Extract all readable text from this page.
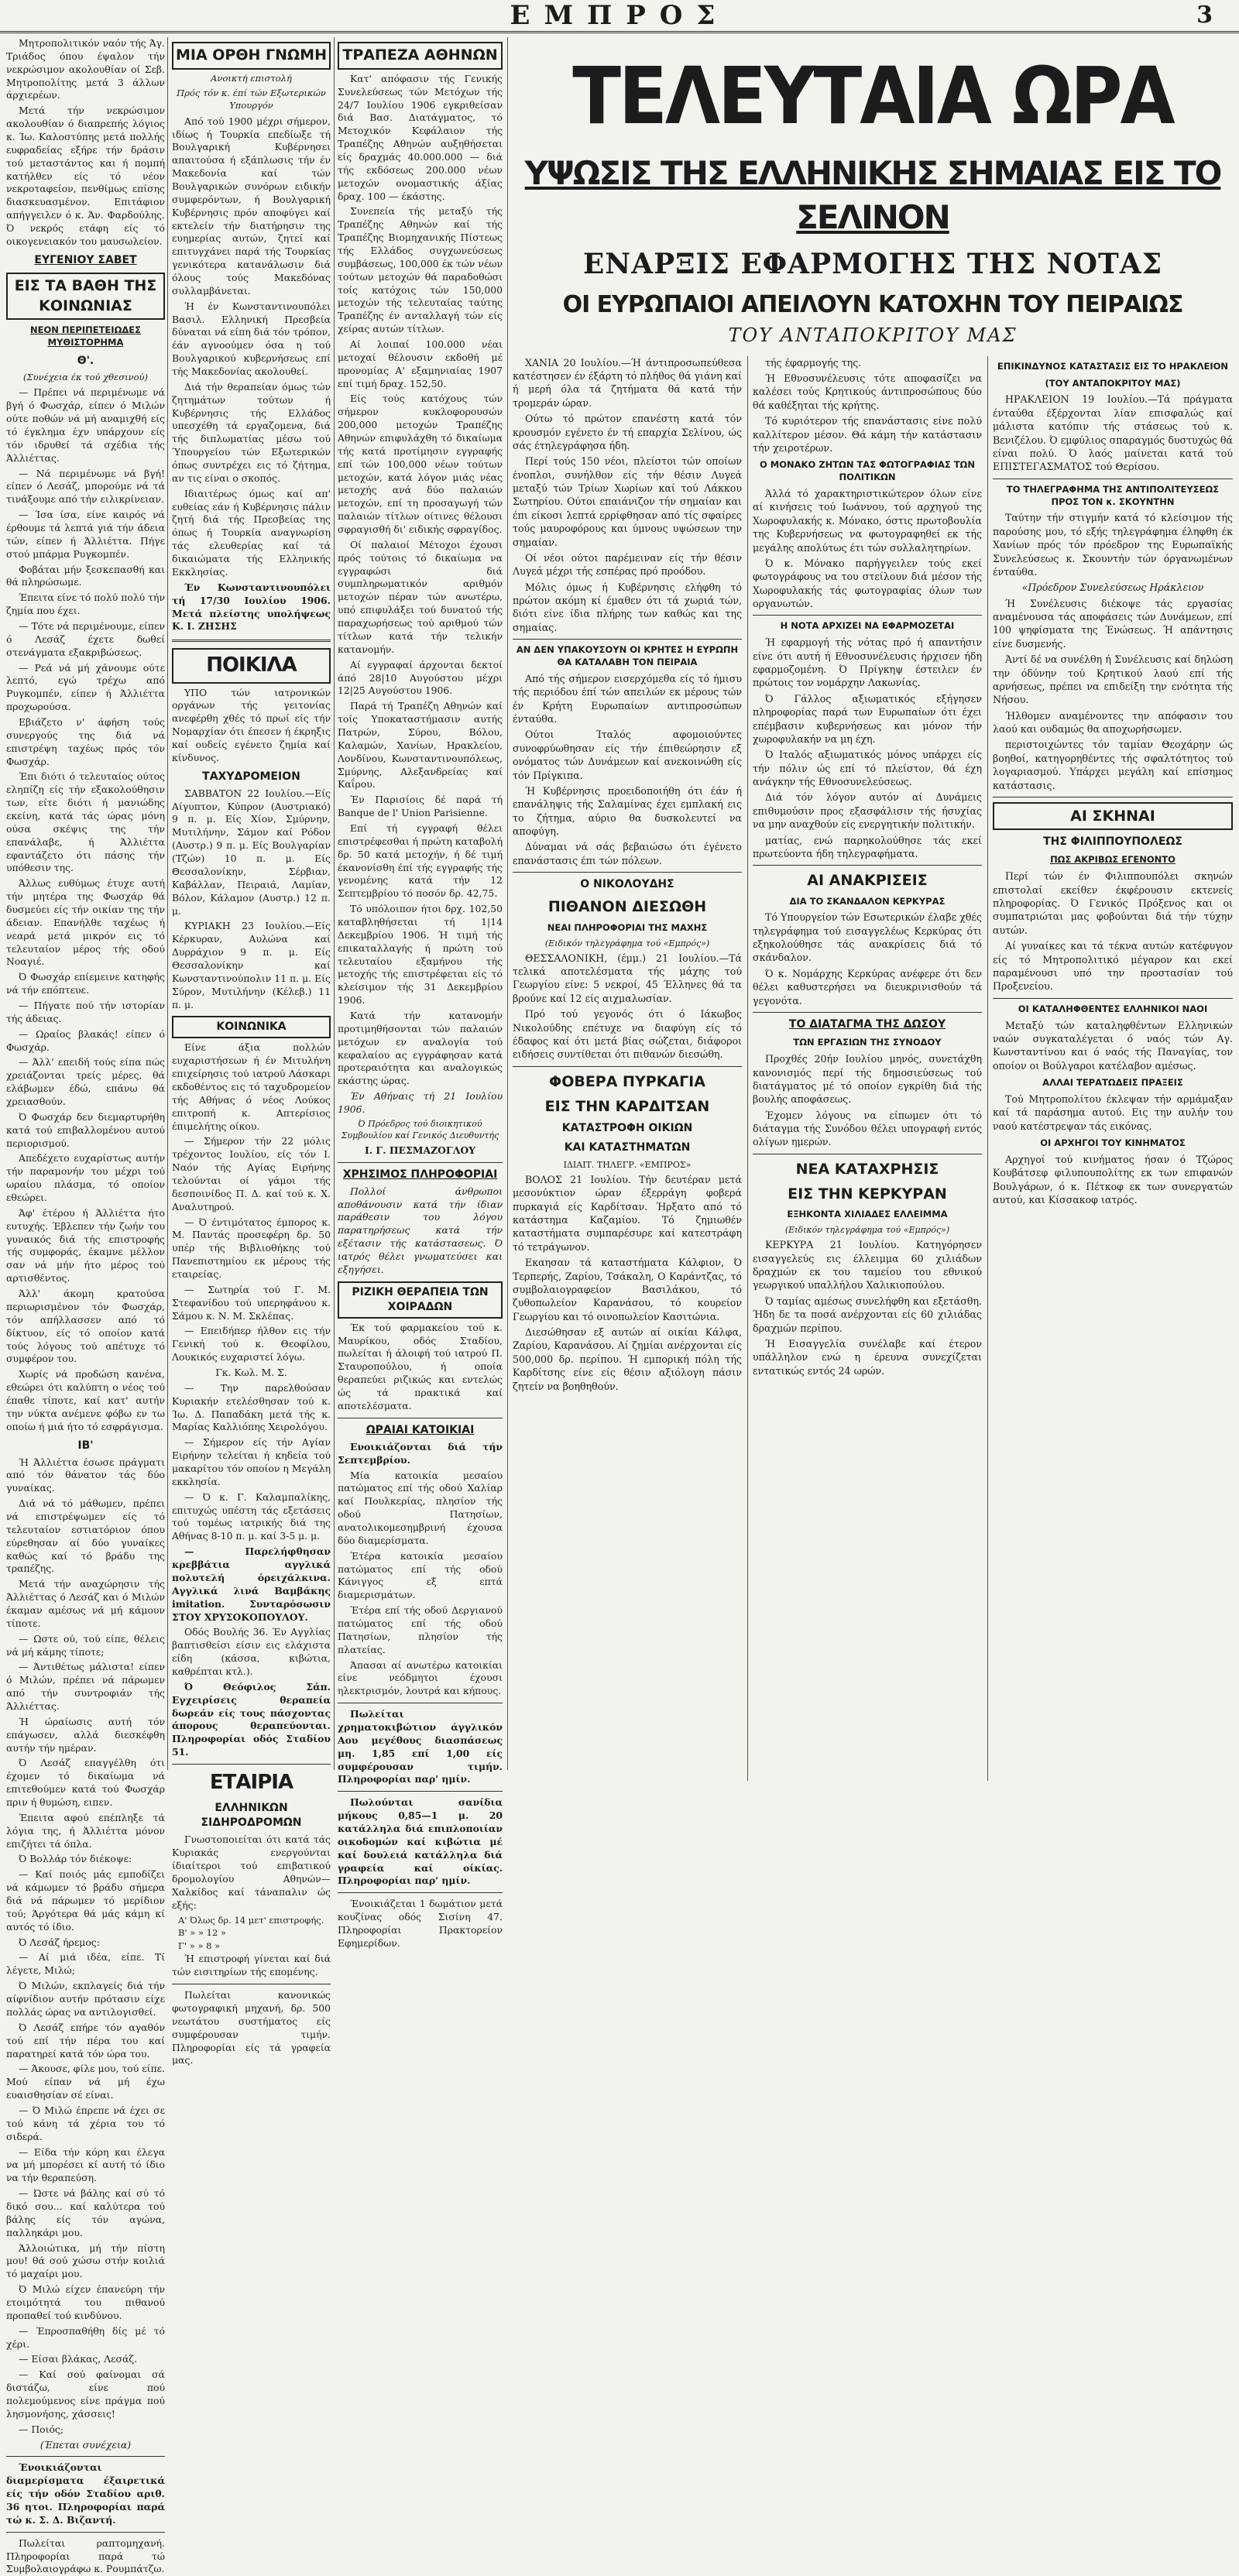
ΕΜΠΡΟΣ	3

Μητροπολιτικόν ναόν τής Άγ. Τριάδος όπου έψαλον τήν νεκρώσιμον ακολουθίαν οί Σεβ. Μητροπολίτης μετά 3 άλλων άρχιερέων.

Μετά τήν νεκρώσιμον ακολουθίαν ό διαπρεπής λόγιος κ. Ίω. Καλοστύπης μετά πολλής ευφραδείας εξήρε τήν δράσιν τού μεταστάντος και ή πομπή κατήλθεν είς τό νέον νεκροταφείον, πενθίμως επίσης διασκευασμένον. Επιτάφιον απήγγειλεν ό κ. Άν. Φαρδούλης. Ό νεκρός ετάφη είς τό οικογενειακόν του μαυσωλείον.

ΕΥΓΕΝΙΟΥ ΣΑΒΕΤ
ΕΙΣ ΤΑ ΒΑΘΗ ΤΗΣ ΚΟΙΝΩΝΙΑΣ
ΝΕΟΝ ΠΕΡΙΠΕΤΕΙΩΔΕΣ ΜΥΘΙΣΤΟΡΗΜΑ
Θ'.
(Συνέχεια έκ τού χθεσινού)

— Πρέπει νά περιμένωμε νά βγή ό Φωσχάρ, είπεν ό Μιλών ούτε ποθών νά μή αναμιχθή είς τό έγκλημα έχν υπάρχουν είς τόν ιδρυθεί τά σχέδια τής Άλλιέττας.

— Νά περιμένωμε νά βγή! είπεν ό Λεσάζ, μπορούμε νά τά τινάξουμε από τήν ειλικρίνειαν.

— Ίσα ίσα, είνε καιρός νά έρθουμε τά λεπτά γιά τήν άδεια τών, είπεν ή Άλλιέττα. Πήγε στού μπάρμα Ρυγκομπέν.

Φοβάται μήν ξεσκεπασθή και θά πληρώσωμε.

Έπειτα είνε τό πολύ πολύ τήν ζημία που έχει.

— Τότε νά περιμένουμε, είπεν ό Λεσάζ έχετε δωθεί στενάγματα εξακριβώσεως.

— Ρεά νά μή χάνουμε ούτε λεπτό, εγώ τρέχω από Ρυγκομπέν, είπεν ή Άλλιέττα προχωρούσα.

Εβιάζετο ν' άφήση τούς συνεργούς της διά νά επιστρέψη ταχέως πρός τόν Φωσχάρ.

Έπι διότι ό τελευταίος ούτος εληπίζη είς τήν εξακολούθησιν των, είτε διότι ή μανιώδης εκείνη, κατά τάς ώρας μόνη ούσα σκέψις της τήν επανάλαβε, ή Άλλιέττα εφαντάζετο ότι πάσης τήν υπόθεσιν της.

Άλλως ευθύμως έτυχε αυτή τήν μητέρα της Φωσχάρ θά δυσμεύει είς τήν οικίαν της τήν άδειαν. Επανήλθε ταχέως ή νεαρά μετά μικρόν εις τό τελευταίον μέρος τής οδού Νοαγιέ.

Ό Φωσχάρ επίεμεινε κατηφής νά τήν επόπτευε.

— Πήγατε πού τήν ιστορίαν τής άδειας.

— Ωραίος βλακάς! είπεν ό Φωσχάρ.

— Άλλ' επειδή τούς είπα πώς χρειάζονται τρείς μέρες, θά ελάβωμεν έδώ, επάνω θά χρειασθούν.

Ό Φωσχάρ δεν διεμαρτυρήθη κατά τού επιβαλλομένου αυτού περιορισμού.

Απεδέχετο ευχαρίστως αυτήν τήν παραμονήν του μέχρι τού ωραίου πλάσμα, τό οποίον εθεώρει.

Άφ' έτέρου ή Άλλιέττα ήτο ευτυχής. Έβλεπεν τήν ζωήν του γυναικός διά τής επιστροφής τής συμφοράς, έκαμνε μέλλον σαν νά μήν ήτο μέρος τού αρτισθέντος.

Άλλ' άκομη κρατούσα περιωρισμένον τόν Φωσχάρ, τόν απήλλασσεν από τό δίκτυον, είς τό οποίον κατά τούς λόγους τού απέτυχε τό συμφέρον του.

Χωρίς νά προδώση κανένα, εθεώρει ότι καλύπτη ο νέος τού έπαθε τίποτε, καί κατ' αυτήν την νύκτα ανέμενε φόβω εν τω οποίω ή μιά ήτο τό εσφράγισμα.

ΙΒ'

Ή Άλλιέττα έσωσε πράγματι από τόν θάνατον τάς δύο γυναίκας.

Διά νά τό μάθωμεν, πρέπει νά επιστρέψωμεν είς τό τελευταίον εστιατόριον όπου εύρεθησαν αί δύο γυναίκες καθώς καί τό βράδυ της τραπέζης.

Μετά τήν αναχώρησιν τής Άλλιέττας ό Λεσάζ και ό Μιλών έκαμαν αμέσως νά μή κάμουν τίποτε.

— Ωστε ού, τού είπε, θέλεις νά μή κάμης τίποτε;

— Άντιθέτως μάλιστα! είπεν ό Μιλών, πρέπει νά πάρωμεν από τήν συντροφιάν τής Άλλιέττας.

Ή ώραίωσις αυτή τόν επάγωσεν, αλλά διεσκέφθη αυτήν τήν ημέραν.

Ό Λεσάζ επαγγέλθη ότι έχομεν τό δικαίωμα νά επιτεθούμεν κατά τού Φωσχάρ πριν ή θυμώση, ειπεν.

Έπειτα αφού επέπληξε τά λόγια της, ή Άλλιέττα μόνον επιζήτει τά όπλα.

Ό Βολλάρ τόν διέκοψε:

— Καί ποιός μάς εμποδίζει νά κάμωμεν τό βράδυ σήμερα διά νά πάρωμεν τό μερίδιον τού; Άργότερα θά μάς κάμη κί αυτός τό ίδιο.

Ό Λεσάζ ήρεμος:

— Αί μιά ιδέα, είπε. Τί λέγετε, Μιλώ;

Ό Μιλών, εκπλαγείς διά τήν αίφνίδιον αυτήν πρότασιν είχε πολλάς ώρας να αντιλογισθεί.

Ό Λεσάζ επήρε τόν αγαθόν τού επί τήν πέρα του καί παρατηρεί κατά τόν ώρα του.

— Άκουσε, φίλε μου, τού είπε. Μού είπαν νά μή έχω ευαισθησίαν σέ είναι.

— Ό Μιλώ έπρεπε νά έχει σε τού κάνη τά χέρια του τό σιδερά.

— Είδα τήν κόρη και έλεγα να μή μπορέσει κί αυτή τό ίδιο να τήν θεραπεύση.

— Ώστε νά βάλης καί σύ τό δικό σου... καί καλύτερα τού βάλης είς τόν αγώνα, παλληκάρι μου.

Άλλοιώτικα, μή τήν πίστη μου! θά σού χώσω στήν κοιλιά τό μαχαίρι μου.

Ό Μιλώ είχεν έπανεύρη τήν ετοιμότητά του πιθανού προπαθεί τού κινδύνου.

— Έπροσπαθήθη δίς μέ τό χέρι.

— Είσαι βλάκας, Λεσάζ.

— Καί σού φαίνομαι σά διστάζω, είνε πού πολεμούμενος είνε πράγμα πού λησμονήσης, χάσσεις!

— Ποιός;

(Έπεται συνέχεια)

Ένοικιάζονται διαμερίσματα έξαιρετικά είς τήν οδόν Σταδίου αριθ. 36 ητοι. Πληροφορίαι παρά τώ κ. Σ. Δ. Βιζαντή.

Πωλείται ραπτομηχανή. Πληροφορίαι παρά τώ Συμβολαιογράφω κ. Ρουμπάτζω.

ΜΙΑ ΟΡΘΗ ΓΝΩΜΗ
Ανοικτή επιστολή
Πρός τόν κ. έπί τών Εξωτερικών Υπουργόν

Από τού 1900 μέχρι σήμερον, ιδίως ή Τουρκία επεδίωξε τή Βουλγαρική Κυβέρνησει απαιτούσα ή εξάπλωσις τήν έν Μακεδονία καί τών Βουλγαρικών συνόρων ειδικήν συμφερόντων, ή Βουλγαρική Κυβέρνησις πρόν αποφύγει καί εκτελείν τήν διατήρησιν της ευημερίας αυτών, ζητεί καί επιτυγχάνει παρά τής Τουρκίας γενικότερα κατανάλωσιν διά όλους τούς Μακεδόνας συλλαμβάνεται.

Ή έν Κωνσταντινουπόλει Βασιλ. Ελληνική Πρεσβεία δύναται νά είπη διά τόν τρόπον, έάν αγνοούμεν όσα η τού Βουλγαρικού κυβερνήσεως επί τής Μακεδονίας ακολουθεί.

Διά τήν θεραπείαν όμως τών ζητημάτων τούτων ή Κυβέρνησις τής Ελλάδος υπεσχέθη τά εργαζομενα, διά τής διπλωματίας μέσω τού Ύπουργείου τών Εξωτερικών όπως συντρέχει εις τό ζήτημα, αν τις είναι ο σκοπός.

Ιδιαιτέρως όμως καί απ' ευθείας εάν ή Κυβέρνησις πάλιν ζητή διά τής Πρεσβείας της όπως ή Τουρκία αναγνωρίση τάς ελευθερίας καί τά δικαιώματα τής Ελληνικής Εκκλησίας.

Έν Κωνσταντινουπόλει τή 17/30 Ιουλίου 1906. Μετά πλείστης υπολήψεως Κ. Ι. ΖΗΣΗΣ

ΠΟΙΚΙΛΑ

ΥΠΟ τών ιατρονικών οργάνων τής γειτονίας ανεφέρθη χθές τό πρωί είς τήν Νομαρχίαν ότι έπεσεν ή έκρηξις καί ουδείς εγένετο ζημία καί κίνδυνος.

ΤΑΧΥΔΡΟΜΕΙΟΝ

ΣΑΒΒΑΤΟΝ 22 Ιουλίου.—Είς Αίγυπτον, Κύπρον (Αυστριακό) 9 π. μ. Είς Χίον, Σμύρνην, Μυτιλήνην, Σάμον καί Ρόδον (Αυστρ.) 9 π. μ. Είς Βουλγαρίαν (Τζών) 10 π. μ. Είς Θεσσαλονίκην, Σέρβιαν, Καβάλλαν, Πειραιά, Λαμίαν, Βόλον, Κάλαμον (Αυστρ.) 12 π. μ.

ΚΥΡΙΑΚΗ 23 Ιουλίου.—Είς Κέρκυραν, Αυλώνα καί Δυρράχιον 9 π. μ. Είς Θεσσαλονίκην καί Κωνσταντινούπολιν 11 π. μ. Είς Σύρον, Μυτιλήνην (Κέλεβ.) 11 π. μ.

ΚΟΙΝΩΝΙΚΑ

Είνε άξια πολλών ευχαριστήσεων ή έν Μιτυλήνη επιχείρησις τού ιατρού Λάσκαρι εκδοθέντος εις τό ταχυδρομείον τής Αθήνας ό νέος Λούκος επιτροπή κ. Απτερίσιος έπιμελήτης οίκου.

— Σήμερον τήν 22 μόλις τρέχοντος Ιουλίου, είς τόν Ι. Ναόν τής Αγίας Ειρήνης τελούνται οί γάμοι τής δεσποινίδος Π. Δ. καί τού κ. Χ. Αναλυτηρού.

— Ό έντιμότατος έμπορος κ. Μ. Παντάς προσεφέρη δρ. 50 υπέρ τής Βιβλιοθήκης τού Πανεπιστημίου εκ μέρους τής εταιρείας.

— Σωτηρία τού Γ. Μ. Στεφανίδου τού υπερηφάνου κ. Σάμου κ. Ν. Μ. Σκλέπας.

— Επειδήπερ ήλθον εις τήν Γενική τού κ. Θεοφίλου, Λουκικός ευχαριστεί λόγω.

Γκ. Κωλ. Μ. Σ.

— Την παρελθούσαν Κυριακήν ετελέσθησαν τού κ. Ίω. Δ. Παπαδάκη μετά τής κ. Μαρίας Καλλιόπης Χειρολόγου.

— Σήμερον είς τήν Αγίαν Ειρήνην τελείται ή κηδεία τού μακαρίτου τόν οποίον η Μεγάλη εκκλησία.

— Ό κ. Γ. Καλαμπαλίκης, επιτυχώς υπέστη τάς εξετάσεις τού τομέως ιατρικής διά της Αθήνας 8-10 π. μ. καί 3-5 μ. μ.

— Παρελήφθησαν κρεββάτια αγγλικά πολυτελή όρειχάλκινα. Αγγλικά λινά Βαμβάκης imitation. Συνταρόσωσιν ΣΤΟΥ ΧΡΥΣΟΚΟΠΟΥΛΟΥ.

Οδός Βουλής 36. Έν Αγγλίας βαπτισθείσι είσιν εις ελάχιστα είδη (κάσσα, κιβώτια, καθρέπται κτλ.).

Ό Θεόφιλος Σάπ. Εγχειρίσεις θεραπεία δωρεάν είς τους πάσχοντας άπορους θεραπεύονται. Πληροφορίαι οδός Σταδίου 51.

ΕΤΑΙΡΙΑ
ΕΛΛΗΝΙΚΩΝ ΣΙΔΗΡΟΔΡΟΜΩΝ

Γνωστοποιείται ότι κατά τάς Κυριακάς ενεργούνται ίδιαίτεροι τού επιβατικού δρομολογίου Αθηνών—Χαλκίδος καί τάναπαλιν ώς εξής:

Α' Όλως δρ. 14 μετ' επιστροφής.
Β' » » 12 »
Γ' » » 8 »

Ή επιστροφή γίνεται καί διά τών εισιτηρίων τής επομένης.

Πωλείται κανονικώς φωτογραφική μηχανή, δρ. 500 νεωτάτου συστήματος είς συμφέρουσαν τιμήν. Πληροφορίαι είς τά γραφεία μας.

ΤΡΑΠΕΖΑ ΑΘΗΝΩΝ

Κατ' απόφασιν τής Γενικής Συνελεύσεως τών Μετόχων τής 24/7 Ιουλίου 1906 εγκριθείσαν διά Βασ. Διατάγματος, τό Μετοχικόν Κεφάλαιον τής Τραπέζης Αθηνών αυξηθήσεται είς δραχμάς 40.000.000 — διά τής εκδόσεως 200.000 νέων μετοχών ονομαστικής άξίας δραχ. 100 — έκάστης.

Συνεπεία τής μεταξύ τής Τραπέζης Αθηνών καί τής Τραπέζης Βιομηχανικής Πίστεως τής Ελλάδος συγχωνεύσεως συμβάσεως, 100,000 έκ τών νέων τούτων μετοχών θά παραδοθώσι τοίς κατόχοις τών 150,000 μετοχών τής τελευταίας ταύτης Τραπέζης έν ανταλλαγή τών είς χείρας αυτών τίτλων.

Αί λοιπαί 100.000 νέαι μετοχαί θέλουσιν εκδοθή μέ προνομίας Α' εξαμηνιαίας 1907 επί τιμή δραχ. 152,50.

Είς τούς κατόχους τών σήμερον κυκλοφορουσών 200,000 μετοχών Τραπέζης Αθηνών επιφυλάχθη τό δικαίωμα τής κατά προτίμησιν εγγραφής επί τών 100,000 νέων τούτων μετοχών, κατά λόγον μιάς νέας μετοχής ανά δύο παλαιών μετοχών, επί τη προσαγωγή τών παλαιών τίτλων οίτινες θέλουσι σφραγισθή δι' ειδικής σφραγίδος.

Οί παλαιοί Μέτοχοι έχουσι πρός τούτοις τό δικαίωμα να εγγραφώσι διά συμπληρωματικόν αριθμόν μετοχών πέραν τών ανωτέρω, υπό επιφυλάξει τού δυνατού τής παραχωρήσεως τού αριθμού τών τίτλων κατά τήν τελικήν κατανομήν.

Αί εγγραφαί άρχονται δεκτοί άπό 28|10 Αυγούστου μέχρι 12|25 Αυγούστου 1906.

Παρά τή Τραπέζη Αθηνών καί τοίς Υποκαταστήμασιν αυτής Πατρών, Σύρου, Βόλου, Καλαμών, Χανίων, Ηρακλείου, Λονδίνου, Κωνσταντινουπόλεως, Σμύρνης, Αλεξανδρείας καί Καΐρου.

Έν Παρισίοις δέ παρά τή Banque de l' Union Parisienne.

Επί τή εγγραφή θέλει επιστρέφεσθαι ή πρώτη καταβολή δρ. 50 κατά μετοχήν, ή δέ τιμή έκανονίσθη έπί τής εγγραφής τής γενομένης κατά τήν 12 Σεπτεμβρίου τό ποσόν δρ. 42,75.

Τό υπόλοιπον ήτοι δρχ. 102,50 καταβληθήσεται τή 1|14 Δεκεμβρίου 1906. Ή τιμή τής επικαταλλαγής ή πρώτη τού τελευταίου εξαμήνου τής μετοχής τής επιστρέφεται είς τό κλείσιμον τής 31 Δεκεμβρίου 1906.

Κατά τήν κατανομήν προτιμηθήσονται τών παλαιών μετόχων εν αναλογία τού κεφαλαίου ας εγγράφησαν κατά προτεραιότητα και αναλογικώς εκάστης ώρας.

Έν Αθήναις τή 21 Ιουλίου 1906.

Ό Πρόεδρος τού διοικητικού Συμβουλίου καί Γενικός Διευθυντής

Ι. Γ. ΠΕΣΜΑΖΟΓΛΟΥ

ΧΡΗΣΙΜΟΣ ΠΛΗΡΟΦΟΡΙΑΙ

Πολλοί άνθρωποι αποθάνουσιν κατά τήν ίδιαν παράθεσιν του λόγου παρατηρήσεως κατά τήν εξέτασιν τής κατάστασεως. Ό ιατρός θέλει γνωματεύσει και εξηγήσει.

ΡΙΖΙΚΗ ΘΕΡΑΠΕΙΑ ΤΩΝ ΧΟΙΡΑΔΩΝ

Έκ τού φαρμακείου τού κ. Μαυρίκου, οδός Σταδίου, πωλείται ή άλοιφή τού ιατρού Π. Σταυροπούλου, ή οποία θεραπεύει ριζικώς και εντελώς ώς τά πρακτικά καί αποτελέσματα.

ΩΡΑΙΑΙ ΚΑΤΟΙΚΙΑΙ

Ενοικιάζονται διά τήν Σεπτεμβρίου.

Μία κατοικία μεσαίου πατώματος επί τής οδού Χαλίαρ καί Πουλκερίας, πλησίον τής οδού Πατησίων, ανατολικομεσημβρινή έχουσα δύο διαμερίσματα.

Έτέρα κατοικία μεσαίου πατώματος επί τής οδού Κάνιγγος εξ επτά διαμερισμάτων.

Έτέρα επί τής οδού Δεργιανού πατώματος επί τής οδού Πατησίων, πλησίον τής πλατείας.

Άπασαι αί ανωτέρω κατοικίαι είνε νεόδμητοι έχουσι ηλεκτρισμόν, λουτρά και κήπους.

Πωλείται χρηματοκιβώτιον άγγλικόν Αου μεγέθους διασπάσεως μη. 1,85 επί 1,00 είς συμφέρουσαν τιμήν. Πληροφορίαι παρ' ημίν.

Πωλούνται σανίδια μήκους 0,85—1 μ. 20 κατάλληλα διά επιπλοποιίαν οικοδομών καί κιβώτια μέ καί δουλειά κατάλληλα διά γραφεία καί οίκίας. Πληροφορίαι παρ' ημίν.

Ένοικιάζεται 1 δωμάτιον μετά κουζίνας οδός Σισίνη 47. Πληροφορίαι Πρακτορείον Εφημερίδων.

ΤΕΛΕΥΤΑΙΑ ΩΡΑ
ΥΨΩΣΙΣ ΤΗΣ ΕΛΛΗΝΙΚΗΣ ΣΗΜΑΙΑΣ ΕΙΣ ΤΟ ΣΕΛΙΝΟΝ
ΕΝΑΡΞΙΣ ΕΦΑΡΜΟΓΗΣ ΤΗΣ ΝΟΤΑΣ
ΟΙ ΕΥΡΩΠΑΙΟΙ ΑΠΕΙΛΟΥΝ ΚΑΤΟΧΗΝ ΤΟΥ ΠΕΙΡΑΙΩΣ
ΤΟΥ ΑΝΤΑΠΟΚΡΙΤΟΥ ΜΑΣ

ΧΑΝΙΑ 20 Ιουλίου.—Ή άντιπροσωπεύθεσα κατέστησεν έν έξάρτη τό πλήθος θά γιάνη καί ή μερή όλα τά ζητήματα θά κατά τήν τρομεράν ώραν.

Ούτω τό πρώτον επανέστη κατά τόν κρουσμόν εγένετο έν τή επαρχία Σελίνου, ώς σάς έτηλεγράφησα ήδη.

Περί τούς 150 νέοι, πλείστοι τών οποίων ένοπλοι, συνήλθον είς τήν θέσιν Λυγεά μεταξύ τών Τρίων Χωρίων καί τού Λάκκου Σωτηρίου. Ούτοι επαιάνιζον τήν σημαίαν και έπι είκοσι λεπτά ερρίφθησαν από τίς σφαίρες τούς μαυροφόρους και ύμνους υψώσεων την σημαίαν.

Οί νέοι ούτοι παρέμειναν είς τήν θέσιν Λυγεά μέχρι τής εσπέρας πρό προόδου.

Μόλις όμως ή Κυβέρνησις ελήφθη τό πρώτον ακόμη κί έμαθεν ότι τά χωριά τών, διότι είνε ίδια πλήρης των καθώς και της σημαίας.

ΑΝ ΔΕΝ ΥΠΑΚΟΥΣΟΥΝ ΟΙ ΚΡΗΤΕΣ Η ΕΥΡΩΠΗ ΘΑ ΚΑΤΑΛΑΒΗ ΤΟΝ ΠΕΙΡΑΙΑ

Από τής σήμερον εισερχόμεθα είς τό ήμισυ τής περιόδου έπί τών απειλών εκ μέρους τών έν Κρήτη Ευρωπαίων αντιπροσώπων ένταύθα.

Ούτοι Ίταλός αφομοιούντες συνοφρύωθησαν είς τήν έπιθεώρησιν εξ ονόματος τών Δυνάμεων καί ανεκοινώθη είς τόν Πρίγκιπα.

Ή Κυβέρνησις προειδοποιήθη ότι έάν ή επανάληψις τής Σαλαμίνας έχει εμπλακή εις το ζήτημα, αύριο θα δυσκολευτεί να αποφύγη.

Δύναμαι νά σάς βεβαιώσω ότι έγένετο επανάστασις έπι τών πόλεων.

Ο ΝΙΚΟΛΟΥΔΗΣ
ΠΙΘΑΝΟΝ ΔΙΕΣΩΘΗ
ΝΕΑΙ ΠΛΗΡΟΦΟΡΙΑΙ ΤΗΣ ΜΑΧΗΣ

(Ειδικόν τηλεγράφημα τού «Εμπρός»)

ΘΕΣΣΑΛΟΝΙΚΗ, (έμμ.) 21 Ιουλίου.—Τά τελικά αποτελέσματα τής μάχης τού Γεωργίου είνε: 5 νεκροί, 45 Έλληνες θά τα βρούνε καί 12 είς αιχμαλωσίαν.

Πρό τού γεγονός ότι ό Ιάκωβος Νικολούδης επέτυχε να διαφύγη είς τό έδαφος καί ότι μετά βίας σώζεται, διάφοροι ειδήσεις συντίθεται ότι πιθανών διεσώθη.

ΦΟΒΕΡΑ ΠΥΡΚΑΓΙΑ
ΕΙΣ ΤΗΝ ΚΑΡΔΙΤΣΑΝ
ΚΑΤΑΣΤΡΟΦΗ ΟΙΚΙΩΝ
ΚΑΙ ΚΑΤΑΣΤΗΜΑΤΩΝ

ΙΔΙΑΙΤ. ΤΗΛΕΓΡ. «ΕΜΠΡΟΣ»

ΒΟΛΟΣ 21 Ιουλίου. Τήν δευτέραν μετά μεσονύκτιον ώραν έξερράγη φοβερά πυρκαγιά είς Καρδίτσαν. Ήρξατο από τό κατάστημα Καζαμίου. Τό ζημιωθέν καταστήματα συμπαρέσυρε καί κατεστράφη τό τετράγωνον.

Εκαησαν τά καταστήματα Κάλφιον, Ό Τερπερής, Ζαρίου, Τσάκαλη, Ο Καράντζας, τό συμβολαιογραφείον Βασιλάκου, τό ζυθοπωλείον Καρανάσου, τό κουρείον Γεωργίου και τό οινοπωλείον Κασιτώνια.

Διεσώθησαν εξ αυτών αί οικίαι Κάλφα, Ζαρίου, Καρανάσου. Αί ζημίαι ανέρχονται είς 500,000 δρ. περίπου. Ή εμπορική πόλη τής Καρδίτσης είνε είς θέσιν αξιόλογη πάσιν ζητείν να βοηθηθούν.

τής έφαρμογής της.

Ή Εθνοσυνέλευσις τότε αποφασίζει να καλέσει τούς Κρητικούς άντιπροσώπους δύο θά καθέξηται τής κρήτης.

Τό κυριότερον τής επανάστασις είνε πολύ καλλίτερον μέσον. Θά κάμη τήν κατάστασιν τήν χειροτέρων.

Ο ΜΟΝΑΚΟ ΖΗΤΩΝ ΤΑΣ ΦΩΤΟΓΡΑΦΙΑΣ ΤΩΝ ΠΟΛΙΤΙΚΩΝ

Άλλά τό χαρακτηριστικώτερον όλων είνε αί κινήσεις τού Ιωάννου, τού αρχηγού της Χωροφυλακής κ. Μόνακο, όστις πρωτοβουλία της Κυβερνήσεως να φωτογραφηθεί εκ τής μεγάλης απολύτως έτι τών συλλαλητηρίων.

Ό κ. Μόνακο παρήγγειλεν τούς εκεί φωτογράφους να του στείλουν διά μέσον τής Χωροφυλακής τάς φωτογραφίας όλων των οργανωτών.

Η ΝΟΤΑ ΑΡΧΙΖΕΙ ΝΑ ΕΦΑΡΜΟΖΕΤΑΙ

Ή εφαρμογή τής νότας πρό ή απαντήσιν είνε ότι αυτή ή Εθνοσυνέλευσις ήρχισεν ήδη εφαρμοζομένη. Ό Πρίγκηψ έστειλεν έν πρώτοις τον νομάρχην Λακωνίας.

Ό Γάλλος αξιωματικός εξήγησεν πληροφορίας παρά των Ευρωπαίων ότι έχει επέμβασιν κυβερνήσεως και μόνον τήν χωροφυλακήν να μη έχη.

Ό Ιταλός αξιωματικός μόνος υπάρχει είς τήν πόλιν ώς επί τό πλείστον, θά έχη ανάγκην τής Εθνοσυνελεύσεως.

Διά τόν λόγον αυτόν αί Δυνάμεις επιθυμούσιν προς εξασφάλισιν τής ήσυχίας να μην αναχθούν είς ενεργητικήν πολιτικήν.

ματίας, ενώ παρηκολούθησε τάς εκεί πρωτεύοντα ήδη τηλεγραφήματα.

ΑΙ ΑΝΑΚΡΙΣΕΙΣ
ΔΙΑ ΤΟ ΣΚΑΝΔΑΛΟΝ ΚΕΡΚΥΡΑΣ

Τό Υπουργείον τών Εσωτερικών έλαβε χθές τηλεγράφημα τού εισαγγελέως Κερκύρας ότι εξηκολούθησε τάς ανακρίσεις διά τό σκάνδαλον.

Ό κ. Νομάρχης Κερκύρας ανέφερε ότι δεν θέλει καθυστερήσει να διευκρινισθούν τά γεγονότα.

ΤΟ ΔΙΑΤΑΓΜΑ ΤΗΣ ΔΩΣΟΥ
ΤΩΝ ΕΡΓΑΣΙΩΝ ΤΗΣ ΣΥΝΟΔΟΥ

Προχθές 20ήν Ιουλίου μηνός, συνετάχθη κανονισμός περί τής δημοσιεύσεως τού διατάγματος μέ τό οποίον εγκρίθη διά τής βουλής αποφάσεως.

Έχομεν λόγους να είπωμεν ότι τό διάταγμα τής Συνόδου θέλει υπογραφή εντός ολίγων ημερών.

ΝΕΑ ΚΑΤΑΧΡΗΣΙΣ
ΕΙΣ ΤΗΝ ΚΕΡΚΥΡΑΝ
ΕΞΗΚΟΝΤΑ ΧΙΛΙΑΔΕΣ ΕΛΛΕΙΜΜΑ

(Ειδικόν τηλεγράφημα τού «Εμπρός»)

ΚΕΡΚΥΡΑ 21 Ιουλίου. Κατηγόρησεν εισαγγελεύς εις έλλειμμα 60 χιλιάδων δραχμών εκ του ταμείου του εθνικού γεωργικού υπαλλήλου Χαλικιοπούλου.

Ό ταμίας αμέσως συνελήφθη και εξετάσθη. Ήδη δε τα ποσά ανέρχονται είς 60 χιλιάδας δραχμών περίπου.

Ή Εισαγγελία συνέλαβε καί έτερον υπάλληλον ενώ η έρευνα συνεχίζεται εντατικώς εντός 24 ωρών.

ΕΠΙΚΙΝΔΥΝΟΣ ΚΑΤΑΣΤΑΣΙΣ ΕΙΣ ΤΟ ΗΡΑΚΛΕΙΟΝ
(ΤΟΥ ΑΝΤΑΠΟΚΡΙΤΟΥ ΜΑΣ)

ΗΡΑΚΛΕΙΟΝ 19 Ιουλίου.—Τά πράγματα ένταύθα έξέρχονται λίαν επισφαλώς καί μάλιστα κατόπιν τής στάσεως τού κ. Βενιζέλου. Ό εμφύλιος σπαραγμός δυστυχώς θά είναι πολύ. Ό λαός μαίνεται κατά τού ΕΠΙΣΤΕΓΑΣΜΑΤΟΣ τού Θερίσου.

ΤΟ ΤΗΛΕΓΡΑΦΗΜΑ ΤΗΣ ΑΝΤΙΠΟΛΙΤΕΥΣΕΩΣ ΠΡΟΣ ΤΟΝ κ. ΣΚΟΥΝΤΗΝ

Ταύτην τήν στιγμήν κατά τό κλείσιμον τής παρούσης μου, τό εξής τηλεγράφημα έληφθη έκ Χανίων πρός τόν πρόεδρον της Ευρωπαϊκής Συνελεύσεως κ. Σκουντήν τών όργανωμένων ένταύθα.

«Πρόεδρον Συνελεύσεως Ηράκλειον

Ή Συνέλευσις διέκοψε τάς εργασίας αναμένουσα τάς αποφάσεις τών Δυνάμεων, επί 100 ψηφίσματα της Ένώσεως. Ή απάντησις είνε δυσμενής.

Άντί δέ να συνέλθη ή Συνέλευσις καί δηλώση την όδύνην τού Κρητικού λαού επί τής αρνήσεως, πρέπει να επιδείξη την ενότητα τής Νήσου.

Ήλθομεν αναμένοντες την απόφασιν του λαού και ουδαμώς θα αποχωρήσωμεν.

περιστοιχώντες τόν ταμίαν Θεοχάρην ώς βοηθοί, κατηγορηθέντες τής σφαλτότητος τού λογαριασμού. Υπάρχει μεγάλη καί επίσημος κατάστασις.

ΑΙ ΣΚΗΝΑΙ
ΤΗΣ ΦΙΛΙΠΠΟΥΠΟΛΕΩΣ
ΠΩΣ ΑΚΡΙΒΩΣ ΕΓΕΝΟΝΤΟ

Περί τών έν Φιλιππουπόλει σκηνών επιστολαί εκείθεν έκφέρουσιν εκτενείς πληροφορίας. Ό Γενικός Πρόξενος και οι συμπατριώται μας φοβούνται διά τήν τύχην αυτών.

Αί γυναίκες και τά τέκνα αυτών κατέφυγον είς τό Μητροπολιτικό μέγαρον και εκεί παραμένουσι υπό την προστασίαν τού Προξενείου.

ΟΙ ΚΑΤΑΛΗΦΘΕΝΤΕΣ ΕΛΛΗΝΙΚΟΙ ΝΑΟΙ

Μεταξύ τών καταληφθέντων Ελληνικών ναών συγκαταλέγεται ό ναός τών Αγ. Κωνσταντίνου και ό ναός τής Παναγίας, τον οποίον οι Βούλγαροι κατέλαβον αμέσως.

ΑΛΛΑΙ ΤΕΡΑΤΩΔΕΙΣ ΠΡΑΞΕΙΣ

Τού Μητροπολίτου έκλεψαν τήν αρμάμαξαν καί τά παράσημα αυτού. Εις την αυλήν του ναού κατέστρεψαν τάς εικόνας.

ΟΙ ΑΡΧΗΓΟΙ ΤΟΥ ΚΙΝΗΜΑΤΟΣ

Αρχηγοί τού κινήματος ήσαν ό Τζώρος Κουβάτσεφ φιλυπουπολίτης εκ των επιφανών Βουλγάρων, ό κ. Πέτκοφ εκ των συνεργατών αυτού, και Κίσσακοφ ιατρός.
